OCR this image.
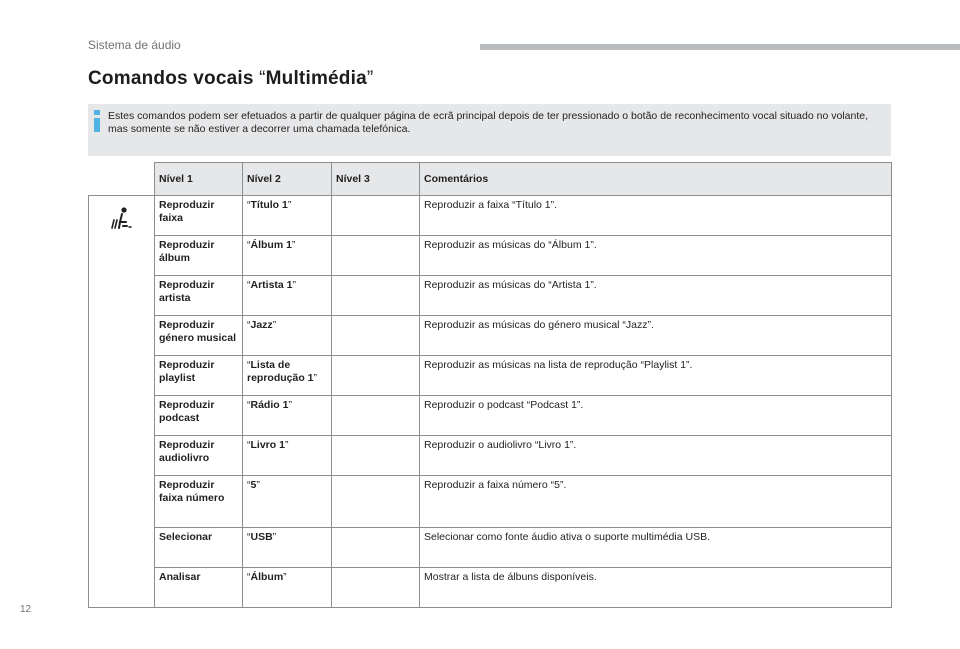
Sistema de áudio
Comandos vocais “Multimédia”

Estes comandos podem ser efetuados a partir de qualquer página de ecrã principal depois de ter pressionado o botão de reconhecimento vocal situado no volante, mas somente se não estiver a decorrer uma chamada telefónica.

	Nível 1	Nível 2	Nível 3	Comentários

	Reproduzir faixa	“Título 1”		Reproduzir a faixa “Título 1”.
	Reproduzir álbum	“Álbum 1”		Reproduzir as músicas do “Álbum 1”.
	Reproduzir artista	“Artista 1”		Reproduzir as músicas do “Artista 1”.
	Reproduzir género musical	“Jazz”		Reproduzir as músicas do género musical “Jazz”.
	Reproduzir playlist	“Lista de reprodução 1”		Reproduzir as músicas na lista de reprodução “Playlist 1”.
	Reproduzir podcast	“Rádio 1”		Reproduzir o podcast “Podcast 1”.
	Reproduzir audiolivro	“Livro 1”		Reproduzir o audiolivro “Livro 1”.
	Reproduzir faixa número	“5”		Reproduzir a faixa número “5”.
	Selecionar	“USB”		Selecionar como fonte áudio ativa o suporte multimédia USB.
	Analisar	“Álbum”		Mostrar a lista de álbuns disponíveis.
12
